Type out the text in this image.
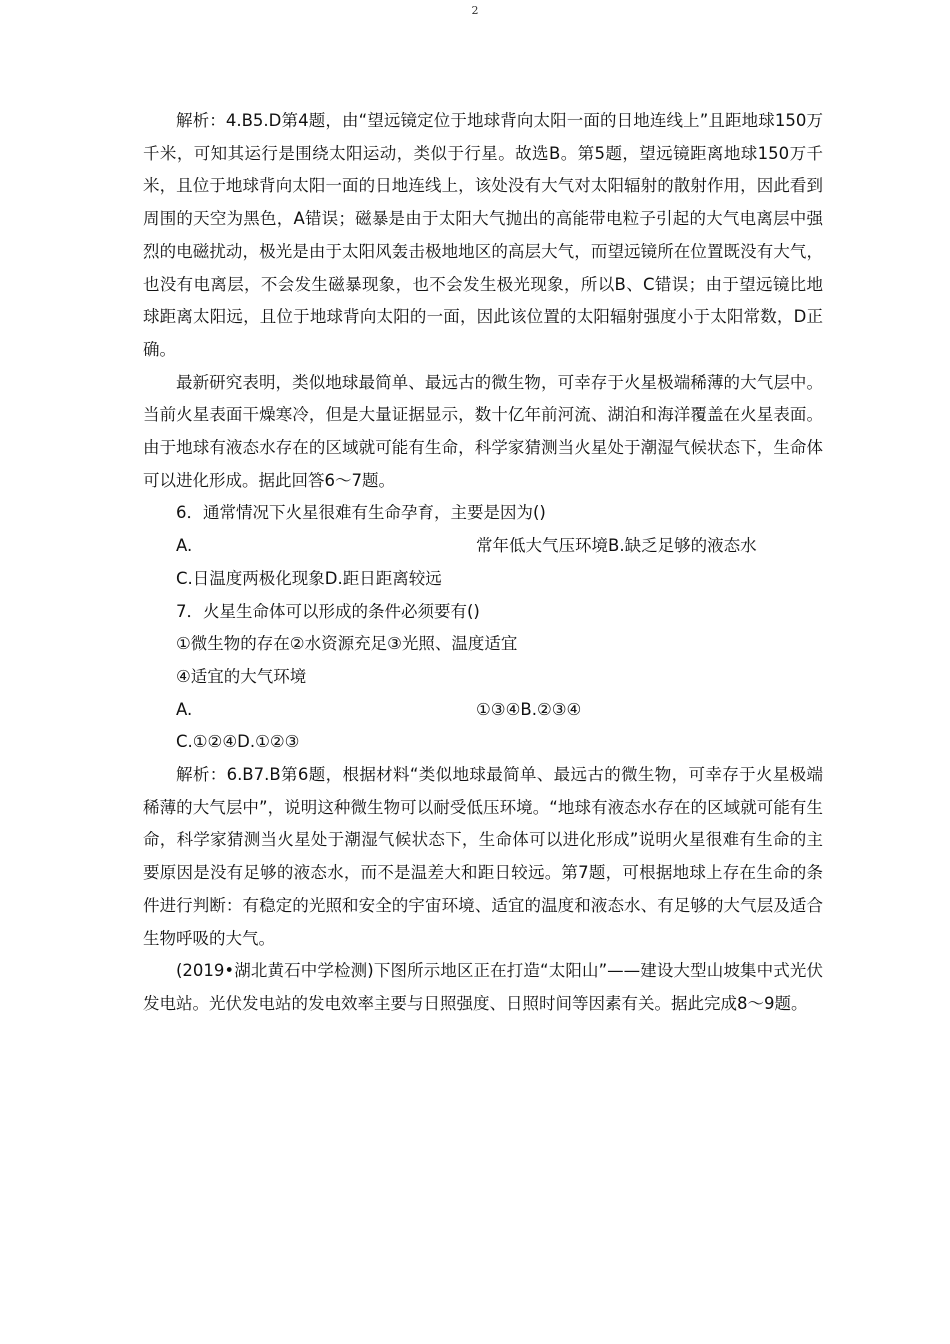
2

解析：4.B5.D第4题，由“望远镜定位于地球背向太阳一面的日地连线上”且距地球150万千米，可知其运行是围绕太阳运动，类似于行星。故选B。第5题，望远镜距离地球150万千米，且位于地球背向太阳一面的日地连线上，该处没有大气对太阳辐射的散射作用，因此看到周围的天空为黑色，A错误；磁暴是由于太阳大气抛出的高能带电粒子引起的大气电离层中强烈的电磁扰动，极光是由于太阳风轰击极地地区的高层大气，而望远镜所在位置既没有大气，也没有电离层，不会发生磁暴现象，也不会发生极光现象，所以B、C错误；由于望远镜比地球距离太阳远，且位于地球背向太阳的一面，因此该位置的太阳辐射强度小于太阳常数，D正确。

最新研究表明，类似地球最简单、最远古的微生物，可幸存于火星极端稀薄的大气层中。当前火星表面干燥寒冷，但是大量证据显示，数十亿年前河流、湖泊和海洋覆盖在火星表面。由于地球有液态水存在的区域就可能有生命，科学家猜测当火星处于潮湿气候状态下，生命体可以进化形成。据此回答6～7题。

6．通常情况下火星很难有生命孕育，主要是因为()

A.	常年低大气压环境B.缺乏足够的液态水

C.日温度两极化现象D.距日距离较远

7．火星生命体可以形成的条件必须要有()

①微生物的存在②水资源充足③光照、温度适宜

④适宜的大气环境

A.	①③④B.②③④

C.①②④D.①②③

解析：6.B7.B第6题，根据材料“类似地球最简单、最远古的微生物，可幸存于火星极端稀薄的大气层中”，说明这种微生物可以耐受低压环境。“地球有液态水存在的区域就可能有生命，科学家猜测当火星处于潮湿气候状态下，生命体可以进化形成”说明火星很难有生命的主要原因是没有足够的液态水，而不是温差大和距日较远。第7题，可根据地球上存在生命的条件进行判断：有稳定的光照和安全的宇宙环境、适宜的温度和液态水、有足够的大气层及适合生物呼吸的大气。

(2019•湖北黄石中学检测)下图所示地区正在打造“太阳山”——建设大型山坡集中式光伏发电站。光伏发电站的发电效率主要与日照强度、日照时间等因素有关。据此完成8～9题。
